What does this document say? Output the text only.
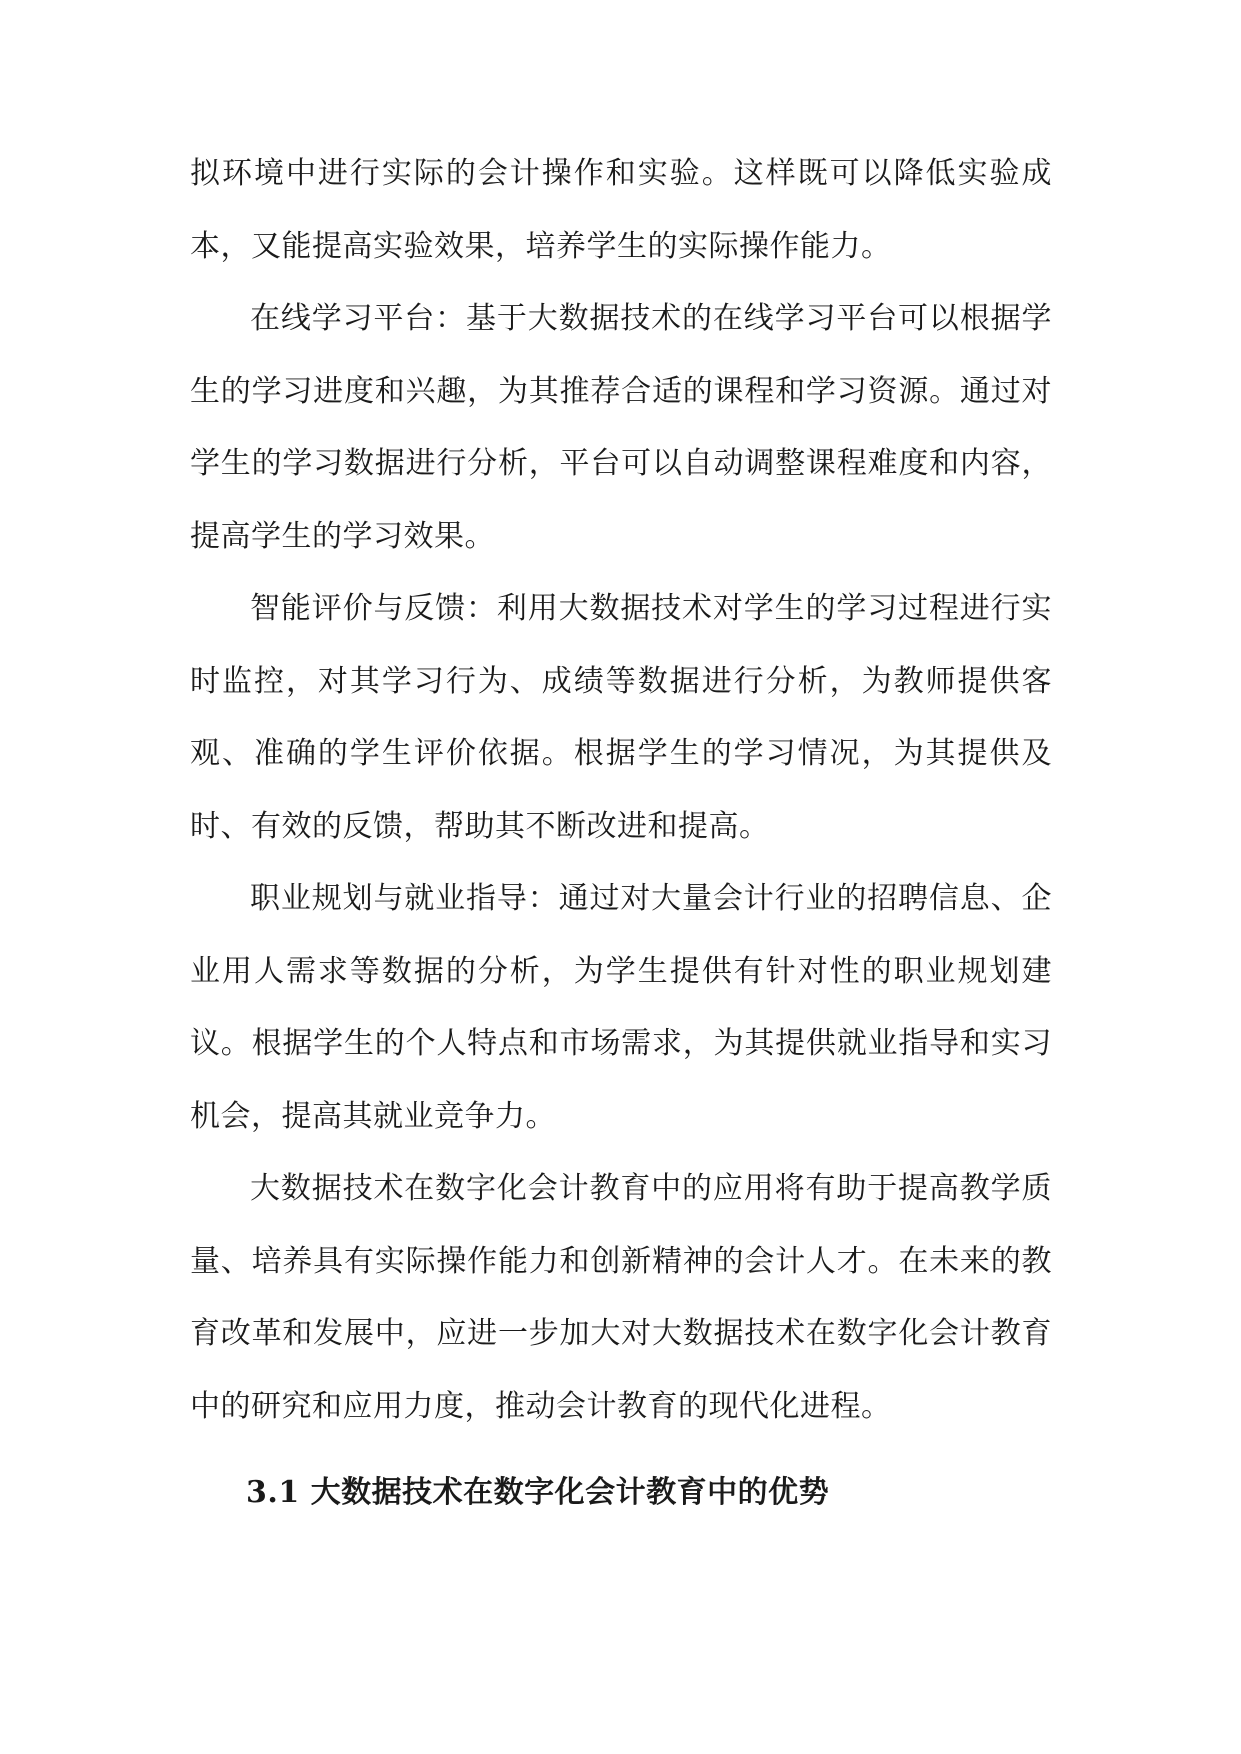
拟环境中进行实际的会计操作和实验。这样既可以降低实验成本，又能提高实验效果，培养学生的实际操作能力。

在线学习平台：基于大数据技术的在线学习平台可以根据学生的学习进度和兴趣，为其推荐合适的课程和学习资源。通过对学生的学习数据进行分析，平台可以自动调整课程难度和内容，提高学生的学习效果。

智能评价与反馈：利用大数据技术对学生的学习过程进行实时监控，对其学习行为、成绩等数据进行分析，为教师提供客观、准确的学生评价依据。根据学生的学习情况，为其提供及时、有效的反馈，帮助其不断改进和提高。

职业规划与就业指导：通过对大量会计行业的招聘信息、企业用人需求等数据的分析，为学生提供有针对性的职业规划建议。根据学生的个人特点和市场需求，为其提供就业指导和实习机会，提高其就业竞争力。

大数据技术在数字化会计教育中的应用将有助于提高教学质量、培养具有实际操作能力和创新精神的会计人才。在未来的教育改革和发展中，应进一步加大对大数据技术在数字化会计教育中的研究和应用力度，推动会计教育的现代化进程。

3.1 大数据技术在数字化会计教育中的优势
